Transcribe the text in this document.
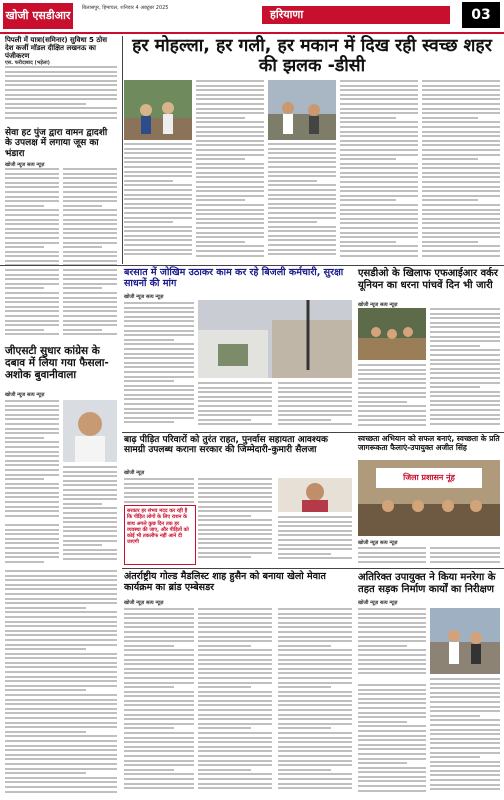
खोजी एसडीआर
बिलासपुर, हिमाचल, शनिवार 4 अक्टूबर 2025	हरियाणा	03
पिपली में यात्रा(समिनार) सुविधा 5 ठोस देश कर्जी मॉडल दीक्षित लखनऊ का पंजीकरण
एस. फरीदाबाद (भड़ेला)
हर मोहल्ला, हर गली, हर मकान में दिख रही स्वच्छ शहर की झलक -डीसी
सेवा हट पुंज द्वारा वामन द्वादशी के उपलक्ष में लगाया जूस का भंडारा
खोजी न्यूज सत्य न्यूज़
बरसात में जोखिम उठाकर काम कर रहे बिजली कर्मचारी, सुरक्षा साधनों की मांग
खोजी न्यूज सत्य न्यूज़
एसडीओ के खिलाफ एफआईआर वर्कर यूनियन का धरना पांचवें दिन भी जारी
खोजी न्यूज सत्य न्यूज़
जीएसटी सुधार कांग्रेस के दबाव में लिया गया फैसला- अशोक बुवानीवाला
खोजी न्यूज सत्य न्यूज़
बाढ़ पीड़ित परिवारों को तुरंत राहत, पुनर्वास सहायता आवश्यक सामग्री उपलब्ध कराना सरकार की जिम्मेदारी-कुमारी सैलजा
खोजी न्यूज़
सरकार हर संभव मदद कर रही है कि पीड़ित लोगों के लिए राशन के साथ अगले कुछ दिन तक हर व्यवस्था की जाए, और पीड़ितों को कोई भी तकलीफ नहीं आने दी जाएगी
स्वच्छता अभियान को सफल बनाएं, स्वच्छता के प्रति जागरूकता फैलाएं-उपायुक्त अजीत सिंह
जिला प्रशासन नूंह
खोजी न्यूज़ सत्य न्यूज़
अंतर्राष्ट्रीय गोल्ड मैडलिस्ट शाह हुसैन को बनाया खेलो मेवात कार्यक्रम का ब्रांड एम्बेसडर
खोजी न्यूज़ सत्य न्यूज़
अतिरिक्त उपायुक्त ने किया मनरेगा के तहत सड़क निर्माण कार्यों का निरीक्षण
खोजी न्यूज़ सत्य न्यूज़
